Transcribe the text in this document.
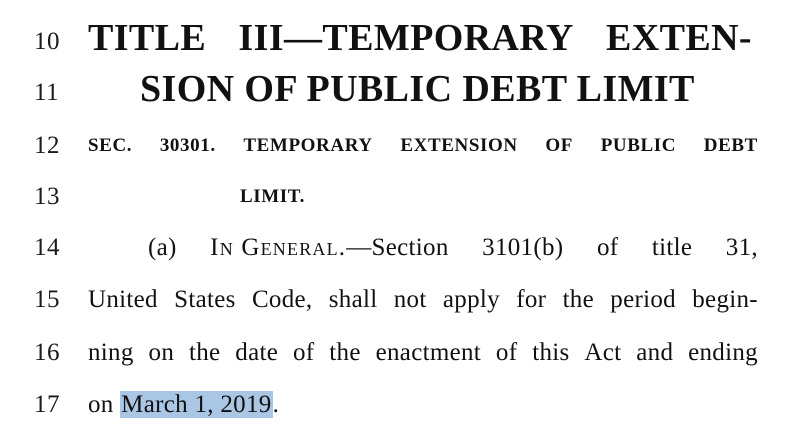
10 TITLE III—TEMPORARY EXTEN-
11	SION OF PUBLIC DEBT LIMIT
12	SEC. 30301. TEMPORARY EXTENSION OF PUBLIC DEBT
13	LIMIT.
14	(a) In General.—Section 3101(b) of title 31,
15	United States Code, shall not apply for the period begin-
16	ning on the date of the enactment of this Act and ending
17	on March 1, 2019.
